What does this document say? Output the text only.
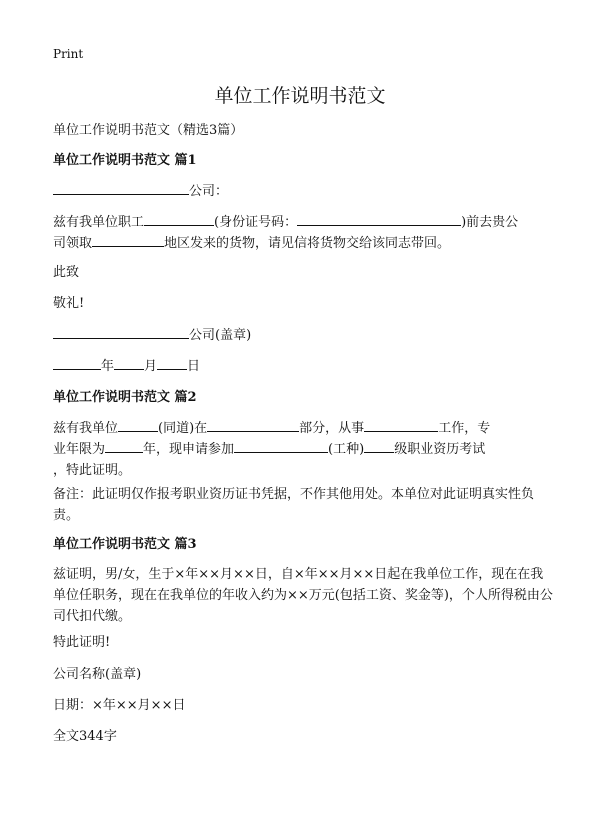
Print
单位工作说明书范文

单位工作说明书范文（精选3篇）

单位工作说明书范文 篇1

公司：

兹有我单位职工	(身份证号码：	)前去贵公
司领取	地区发来的货物，请见信将货物交给该同志带回。

此致

敬礼!

公司(盖章)

年 月 日

单位工作说明书范文 篇2

兹有我单位	(同道)在	部分，从事	工作，专
业年限为	年，现申请参加	(工种) 级职业资历考试
，特此证明。

备注：此证明仅作报考职业资历证书凭据，不作其他用处。本单位对此证明真实性负责。

单位工作说明书范文 篇3

兹证明，男/女，生于×年××月××日，自×年××月××日起在我单位工作，现在在我单位任职务，现在在我单位的年收入约为××万元(包括工资、奖金等)，个人所得税由公司代扣代缴。

特此证明!

公司名称(盖章)

日期：×年××月××日

全文344字
